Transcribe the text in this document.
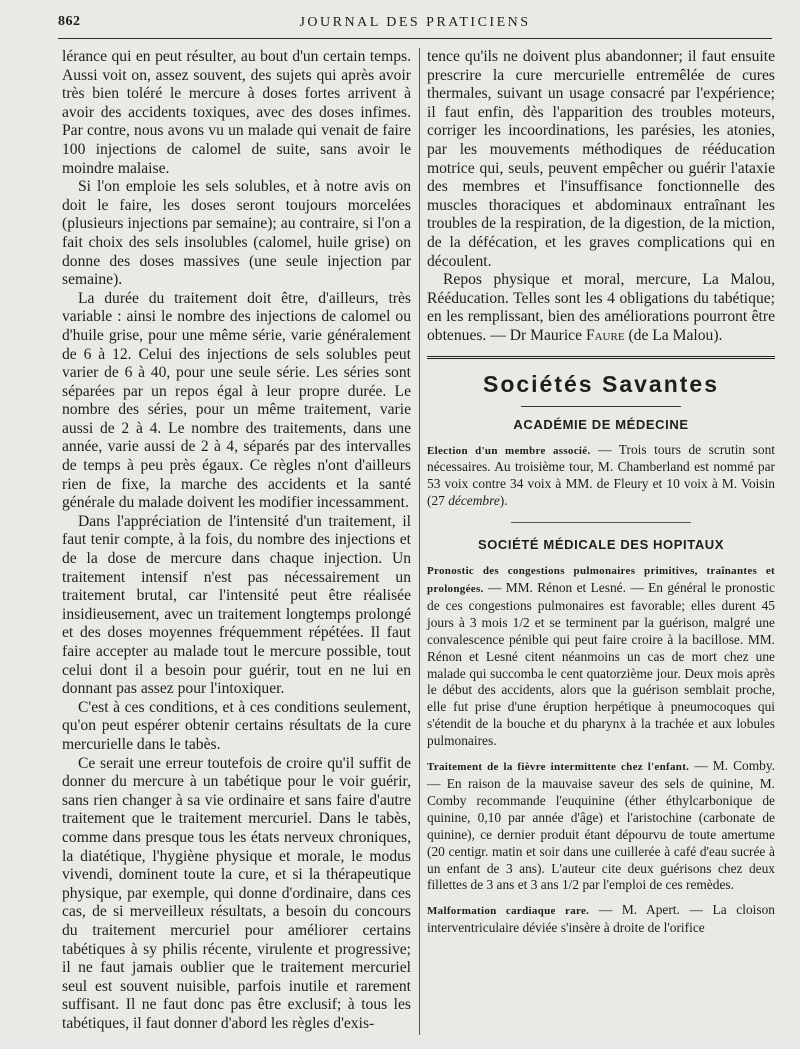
862	JOURNAL DES PRATICIENS

lérance qui en peut résulter, au bout d'un certain temps. Aussi voit on, assez souvent, des sujets qui après avoir très bien toléré le mercure à doses fortes arrivent à avoir des accidents toxiques, avec des doses infimes. Par contre, nous avons vu un malade qui venait de faire 100 injections de calomel de suite, sans avoir le moindre malaise.

Si l'on emploie les sels solubles, et à notre avis on doit le faire, les doses seront toujours morcelées (plusieurs injections par semaine); au contraire, si l'on a fait choix des sels insolubles (calomel, huile grise) on donne des doses massives (une seule injection par semaine).

La durée du traitement doit être, d'ailleurs, très variable : ainsi le nombre des injections de calomel ou d'huile grise, pour une même série, varie généralement de 6 à 12. Celui des injections de sels solubles peut varier de 6 à 40, pour une seule série. Les séries sont séparées par un repos égal à leur propre durée. Le nombre des séries, pour un même traitement, varie aussi de 2 à 4. Le nombre des traitements, dans une année, varie aussi de 2 à 4, séparés par des intervalles de temps à peu près égaux. Ce règles n'ont d'ailleurs rien de fixe, la marche des accidents et la santé générale du malade doivent les modifier incessamment.

Dans l'appréciation de l'intensité d'un traitement, il faut tenir compte, à la fois, du nombre des injections et de la dose de mercure dans chaque injection. Un traitement intensif n'est pas nécessairement un traitement brutal, car l'intensité peut être réalisée insidieusement, avec un traitement longtemps prolongé et des doses moyennes fréquemment répétées. Il faut faire accepter au malade tout le mercure possible, tout celui dont il a besoin pour guérir, tout en ne lui en donnant pas assez pour l'intoxiquer.

C'est à ces conditions, et à ces conditions seulement, qu'on peut espérer obtenir certains résultats de la cure mercurielle dans le tabès.

Ce serait une erreur toutefois de croire qu'il suffit de donner du mercure à un tabétique pour le voir guérir, sans rien changer à sa vie ordinaire et sans faire d'autre traitement que le traitement mercuriel. Dans le tabès, comme dans presque tous les états nerveux chroniques, la diatétique, l'hygiène physique et morale, le modus vivendi, dominent toute la cure, et si la thérapeutique physique, par exemple, qui donne d'ordinaire, dans ces cas, de si merveilleux résultats, a besoin du concours du traitement mercuriel pour améliorer certains tabétiques à sy philis récente, virulente et progressive; il ne faut jamais oublier que le traitement mercuriel seul est souvent nuisible, parfois inutile et rarement suffisant. Il ne faut donc pas être exclusif; à tous les tabétiques, il faut donner d'abord les règles d'exis-

tence qu'ils ne doivent plus abandonner; il faut ensuite prescrire la cure mercurielle entremêlée de cures thermales, suivant un usage consacré par l'expérience; il faut enfin, dès l'apparition des troubles moteurs, corriger les incoordinations, les parésies, les atonies, par les mouvements méthodiques de rééducation motrice qui, seuls, peuvent empêcher ou guérir l'ataxie des membres et l'insuffisance fonctionnelle des muscles thoraciques et abdominaux entraînant les troubles de la respiration, de la digestion, de la miction, de la défécation, et les graves complications qui en découlent.

Repos physique et moral, mercure, La Malou, Rééducation. Telles sont les 4 obligations du tabétique; en les remplissant, bien des améliorations pourront être obtenues. — Dr Maurice Faure (de La Malou).

Sociétés Savantes
ACADÉMIE DE MÉDECINE

Election d'un membre associé. — Trois tours de scrutin sont nécessaires. Au troisième tour, M. Chamberland est nommé par 53 voix contre 34 voix à MM. de Fleury et 10 voix à M. Voisin (27 décembre).

SOCIÉTÉ MÉDICALE DES HOPITAUX

Pronostic des congestions pulmonaires primitives, traînantes et prolongées. — MM. Rénon et Lesné. — En général le pronostic de ces congestions pulmonaires est favorable; elles durent 45 jours à 3 mois 1/2 et se terminent par la guérison, malgré une convalescence pénible qui peut faire croire à la bacillose. MM. Rénon et Lesné citent néanmoins un cas de mort chez une malade qui succomba le cent quatorzième jour. Deux mois après le début des accidents, alors que la guérison semblait proche, elle fut prise d'une éruption herpétique à pneumocoques qui s'étendit de la bouche et du pharynx à la trachée et aux lobules pulmonaires.

Traitement de la fièvre intermittente chez l'enfant. — M. Comby. — En raison de la mauvaise saveur des sels de quinine, M. Comby recommande l'euquinine (éther éthylcarbonique de quinine, 0,10 par année d'âge) et l'aristochine (carbonate de quinine), ce dernier produit étant dépourvu de toute amertume (20 centigr. matin et soir dans une cuillerée à café d'eau sucrée à un enfant de 3 ans). L'auteur cite deux guérisons chez deux fillettes de 3 ans et 3 ans 1/2 par l'emploi de ces remèdes.

Malformation cardiaque rare. — M. Apert. — La cloison interventriculaire déviée s'insère à droite de l'orifice
